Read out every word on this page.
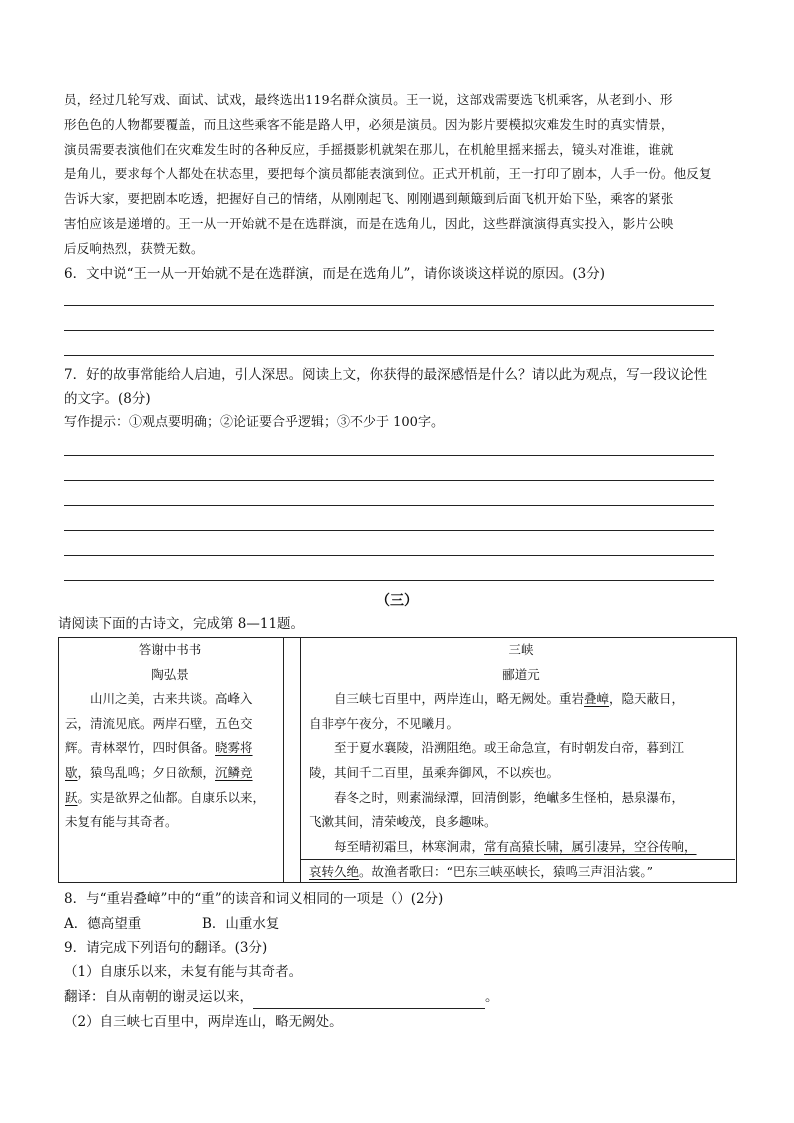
员，经过几轮写戏、面试、试戏，最终选出119名群众演员。王一说，这部戏需要选飞机乘客，从老到小、形
形色色的人物都要覆盖，而且这些乘客不能是路人甲，必须是演员。因为影片要模拟灾难发生时的真实情景，
演员需要表演他们在灾难发生时的各种反应，手摇摄影机就架在那儿，在机舱里摇来摇去，镜头对准谁，谁就
是角儿，要求每个人都处在状态里，要把每个演员都能表演到位。正式开机前，王一打印了剧本，人手一份。他反复
告诉大家，要把剧本吃透，把握好自己的情绪，从刚刚起飞、刚刚遇到颠簸到后面飞机开始下坠，乘客的紧张
害怕应该是递增的。王一从一开始就不是在选群演，而是在选角儿，因此，这些群演演得真实投入，影片公映
后反响热烈，获赞无数。
6．文中说“王一从一开始就不是在选群演，而是在选角儿”，请你谈谈这样说的原因。(3分)
7．好的故事常能给人启迪，引人深思。阅读上文，你获得的最深感悟是什么？请以此为观点，写一段议论性
的文字。(8分)
写作提示：①观点要明确；②论证要合乎逻辑；③不少于 100字。
（三）
请阅读下面的古诗文，完成第 8—11题。
答谢中书书
陶弘景
　　山川之美，古来共谈。高峰入
云，清流见底。两岸石壁，五色交
辉。青林翠竹，四时俱备。晓雾将
歇，猿鸟乱鸣；夕日欲颓，沉鳞竞
跃。实是欲界之仙都。自康乐以来，
未复有能与其奇者。
三峡
郦道元
　　自三峡七百里中，两岸连山，略无阙处。重岩叠嶂，隐天蔽日，
自非亭午夜分，不见曦月。
　　至于夏水襄陵，沿溯阻绝。或王命急宣，有时朝发白帝，暮到江
陵，其间千二百里，虽乘奔御风，不以疾也。
　　春冬之时，则素湍绿潭，回清倒影，绝𪩘多生怪柏，悬泉瀑布，
飞漱其间，清荣峻茂，良多趣味。
　　每至晴初霜旦，林寒涧肃，常有高猿长啸，属引凄异，空谷传响，
哀转久绝。故渔者歌曰：“巴东三峡巫峡长，猿鸣三声泪沾裳。”
8．与“重岩叠嶂”中的“重”的读音和词义相同的一项是（）(2分)
A．德高望重	B．山重水复
9．请完成下列语句的翻译。(3分)
（1）自康乐以来，未复有能与其奇者。
翻译：自从南朝的谢灵运以来，	。
（2）自三峡七百里中，两岸连山，略无阙处。
